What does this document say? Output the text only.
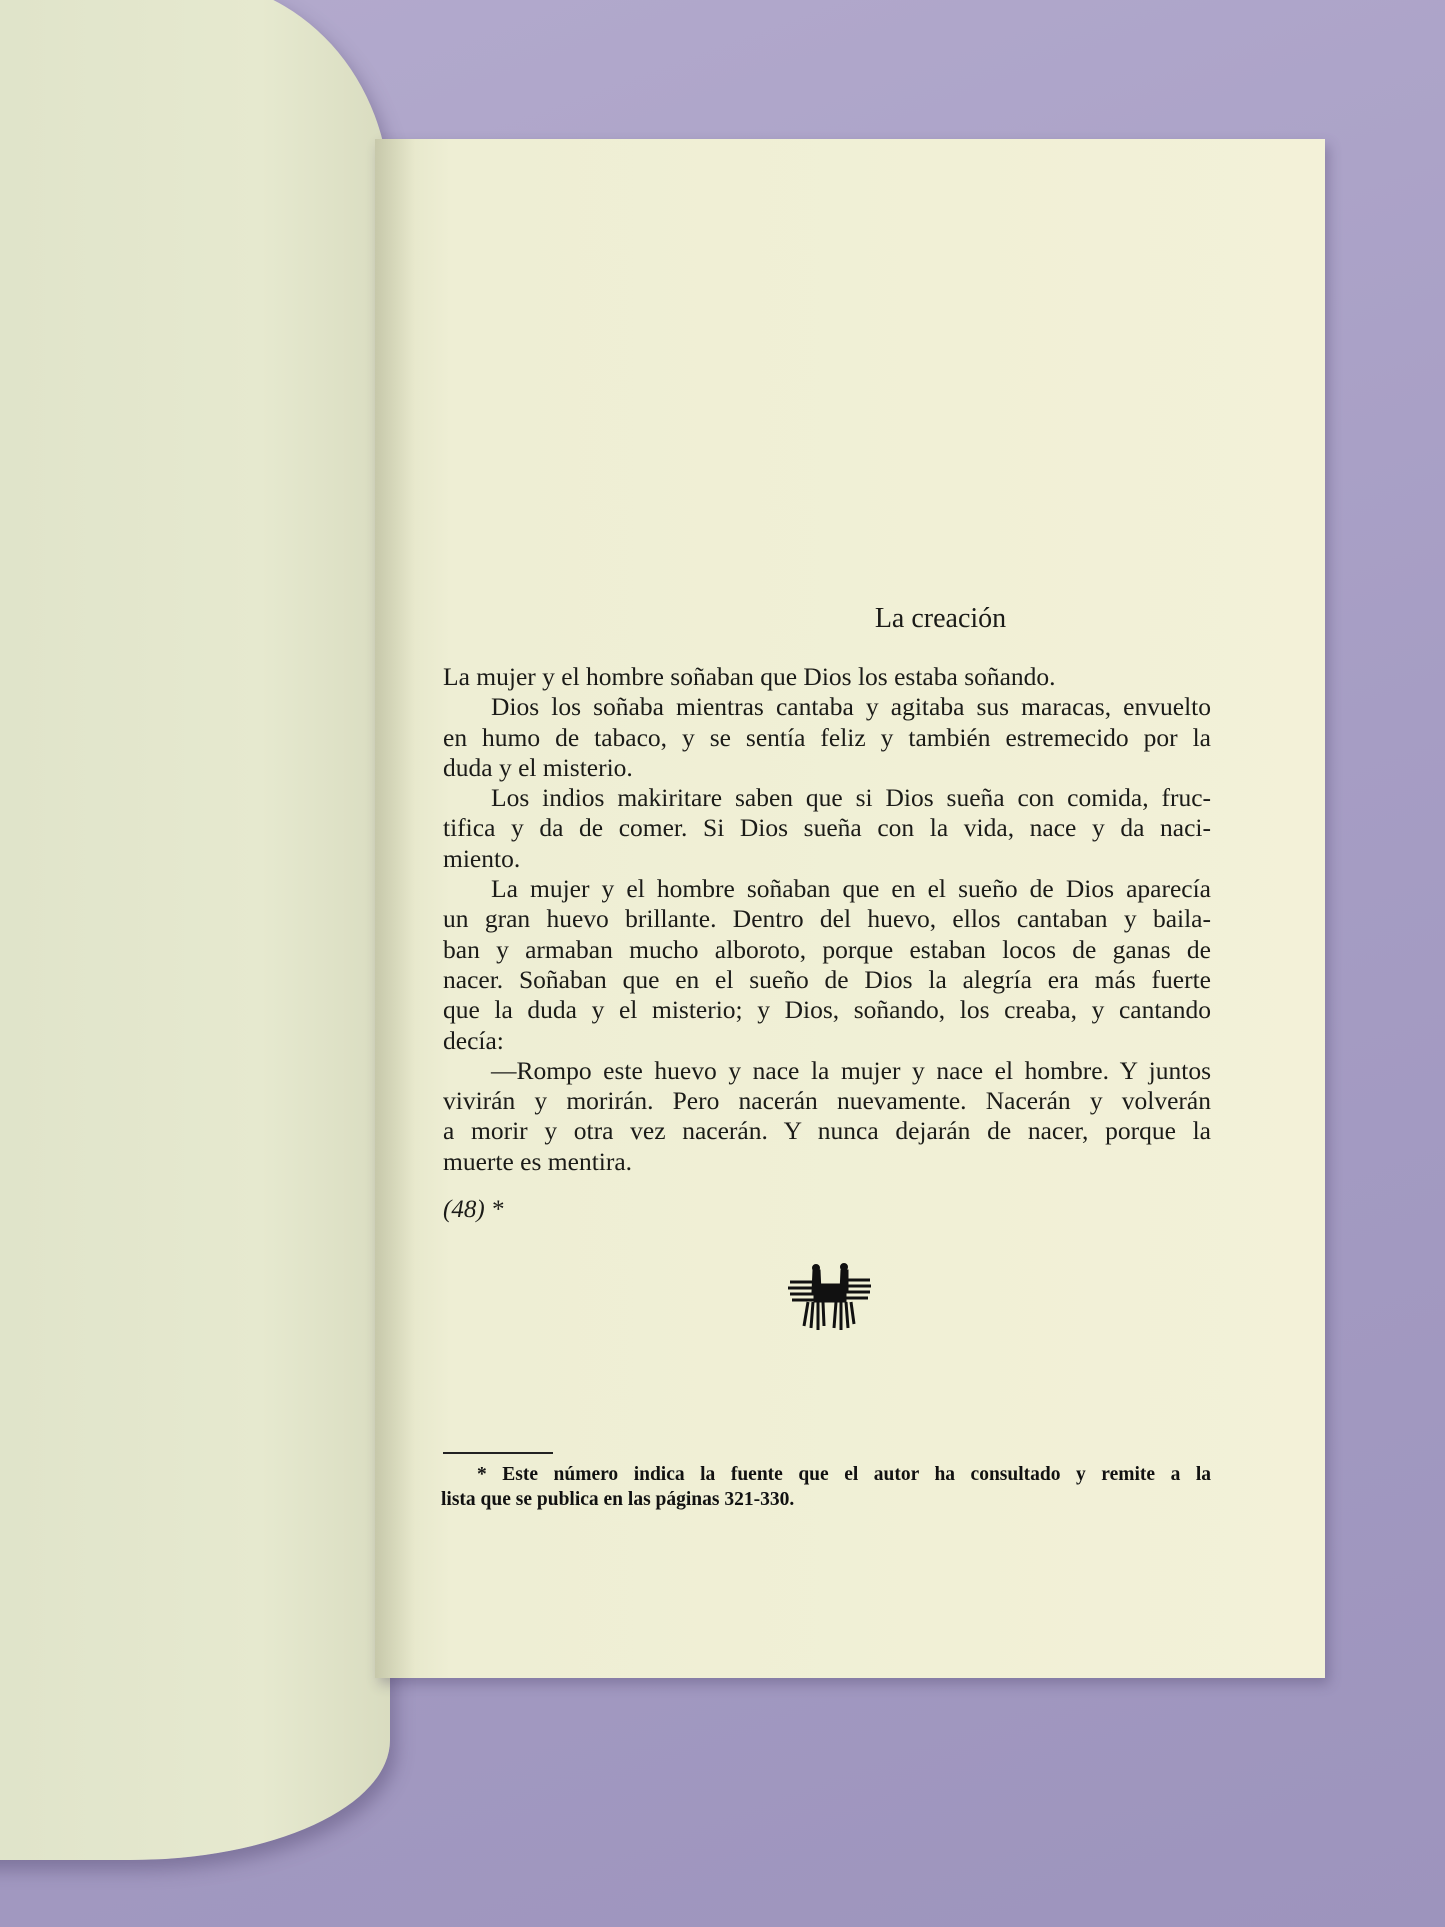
La creación
La mujer y el hombre soñaban que Dios los estaba soñando.
Dios los soñaba mientras cantaba y agitaba sus maracas, envuelto
en humo de tabaco, y se sentía feliz y también estremecido por la
duda y el misterio.
Los indios makiritare saben que si Dios sueña con comida, fruc-
tifica y da de comer. Si Dios sueña con la vida, nace y da naci-
miento.
La mujer y el hombre soñaban que en el sueño de Dios aparecía
un gran huevo brillante. Dentro del huevo, ellos cantaban y baila-
ban y armaban mucho alboroto, porque estaban locos de ganas de
nacer. Soñaban que en el sueño de Dios la alegría era más fuerte
que la duda y el misterio; y Dios, soñando, los creaba, y cantando
decía:
—Rompo este huevo y nace la mujer y nace el hombre. Y juntos
vivirán y morirán. Pero nacerán nuevamente. Nacerán y volverán
a morir y otra vez nacerán. Y nunca dejarán de nacer, porque la
muerte es mentira.
(48) *
* Este número indica la fuente que el autor ha consultado y remite a la
lista que se publica en las páginas 321-330.
